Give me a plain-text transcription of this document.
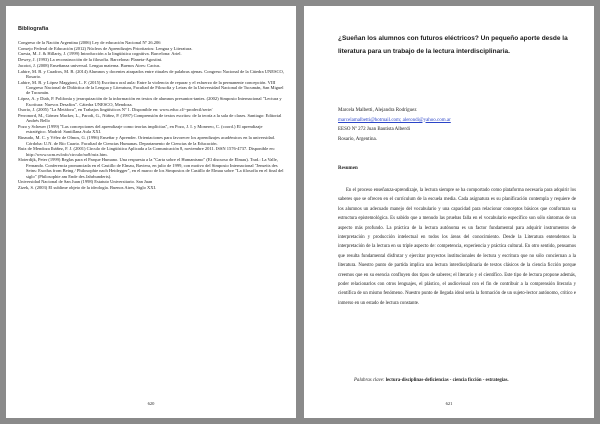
Bibliografía
Congreso de la Nación Argentina (2006) Ley de educación Nacional Nº 26.206
Consejo Federal de Educación (2012) Núcleos de Aprendizajes Prioritarios: Lengua y Literatura.
Cuesta, M. J. & Hillarty, J. (1999) Introducción a la lingüística cognitiva. Barcelona: Ariel.
Dewey, J. (1993) La reconstrucción de la filosofía. Barcelona: Planeta-Agostini.
Jacotot, J. (2008) Enseñanza universal. Lengua materna. Buenos Aires: Cactus.
Lahire, M. B. y Cuadros, M. B. (2014) Alumnos y docentes atrapados entre rituales de palabras ajenas. Congreso Nacional de la Cátedra UNESCO, Rosario.
Lahire, M. B. y López Maggioni, L. F. (2015) Escritura oral aula: Entre la violencia de reparar y el esfuerzo de la permanente concepción. VIII Congreso Nacional de Didáctica de la Lengua y Literatura, Facultad de Filosofía y Letras de la Universidad Nacional de Tucumán, San Miguel de Tucumán.
López, A. y Diab, P. Polifonía y jerarquización de la información en textos de alumnos presuntos-tantes. (2002) Simposio Internacional "Lectura y Escritura: Nuevos Desafíos". Cátedra UNESCO, Mendoza.
Osorio, J. (2005) "La Metáfora", en Trabajos lingüísticos Nº 1. Disponible en: www.educ.cl/~prodecil/serie/
Perronord, M., Gómez Macker, L., Parodi, G., Núñez, P. (1997) Comprensión de textos escritos: de la teoría a la sala de clases. Santiago: Editorial Andrés Bello
Pozo y Scheuer (1999) "Las concepciones del aprendizaje como teorías implícitas", en Pozo, J. I. y Monereo, C. (coord.) El aprendizaje estratégico. Madrid: Santillana Aula XXI.
Rinaudo, M. C. y Vélez de Olmos, G. (1996) Enseñar y Aprender. Orientaciones para favorecer los aprendizajes académicos en la universidad. Córdoba: U.N. de Río Cuarto. Facultad de Ciencias Humanas. Departamento de Ciencias de la Educación.
Ruiz de Mendoza Ibáñez, F. J. (2001) Círculo de Lingüística Aplicada a la Comunicación 8, noviembre 2011. ISSN 1576-4737. Disponible en: http://www.ucm.es/info/circulo/no8/ruiz.htm.
Sloterdijk, Peter (1999) Reglas para el Parque Humano. Una respuesta a la "Carta sobre el Humanismo" (El discurso de Elmau). Trad.: La Valle, Fernando. Conferencia pronunciada en el Castillo de Elmau, Baviera, en julio de 1999, con motivo del Simposio Internacional "Jenseits des Seins: Exodus from Being / Philosophie nach Heidegger", en el marco de los Simposios de Castillo de Elmau sobre "La filosofía en el final del siglo" (Philosophie am Ende des Jahrhunderts).
Universidad Nacional de San Juan (1998) Estatuto Universitario. San Juan
Zizek, S. (2003) El sublime objeto de la ideología. Buenos Aires, Siglo XXI.
620
¿Sueñan los alumnos con futuros eléctricos? Un pequeño aporte desde la literatura para un trabajo de la lectura interdisciplinaria.
Marcela Malbetti, Alejandra Rodríguez
marcelamalbetti@hotmail.com; alerondi@yahoo.com.ar
EESO Nº 272 Juan Bautista Alberdi
Rosario, Argentina.
Resumen

En el proceso enseñanza-aprendizaje, la lectura siempre se ha comportado como plataforma necesaria para adquirir los saberes que se ofrecen en el currículum de la escuela media. Cada asignatura es su planificación contempla y requiere de los alumnos un adecuado manejo del vocabulario y una capacidad para relacionar conceptos básicos que conforman su estructura epistemológica. Es sabido que a menudo las pruebas falla en el vocabulario específico son sólo síntomas de un aspecto más profundo. La práctica de la lectura autónoma es un factor fundamental para adquirir instrumentos de interpretación y producción intelectual en todos los áreas del conocimiento. Desde la Literatura entendemos la interpretación de la lectura en su triple aspecto de: competencia, experiencia y práctica cultural. En otro sentido, pensamos que resulta fundamental disfrutar y ejercitar proyectos institucionales de lectura y escritura que no sólo conciernan a la literatura. Nuestro punto de partida implica una lectura interdisciplinaria de textos clásicos de la ciencia ficción porque creemos que en su esencia confluyen dos tipos de saberes; el literario y el científico. Este tipo de lectura propone además, poder relacionarlos con otros lenguajes, el plástico, el audiovisual con el fin de contribuir a la comprensión literaria y científica de un mismo fenómeno. Nuestro punto de llegada ideal sería la formación de un sujeto-lector autónomo, crítico e inmerso en un estado de lectura constante.

Palabras clave: lectura-disciplinas-deficiencias - ciencia ficción - estrategias.
621
